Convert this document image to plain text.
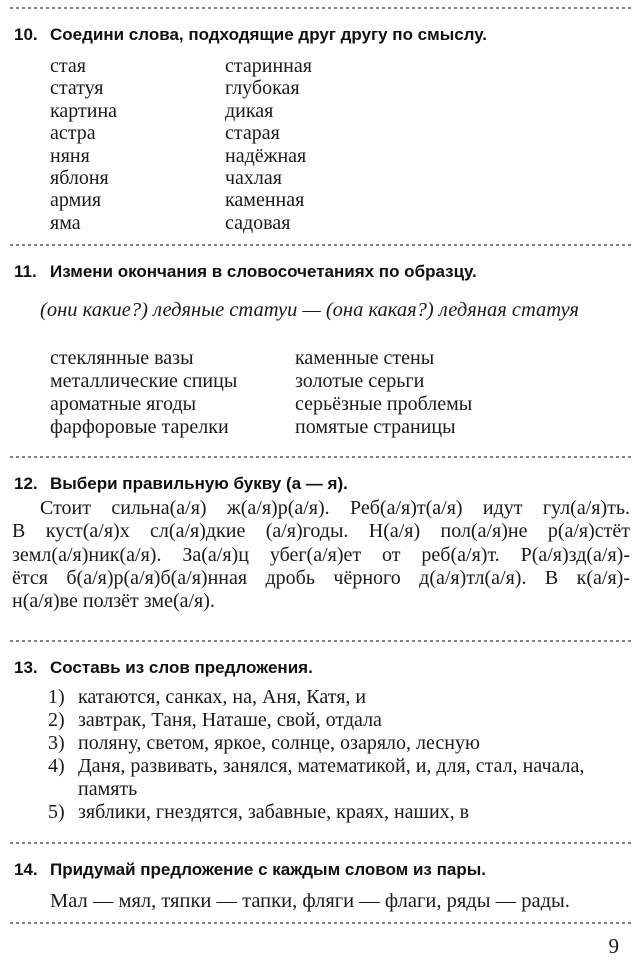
10. Соедини слова, подходящие друг другу по смыслу.
стая	старинная
статуя	глубокая
картина	дикая
астра	старая
няня	надёжная
яблоня	чахлая
армия	каменная
яма	садовая
11. Измени окончания в словосочетаниях по образцу.
(они какие?) ледяные статуи — (она какая?) ледяная статуя
стеклянные вазы	каменные стены
металлические спицы	золотые серьги
ароматные ягоды	серьёзные проблемы
фарфоровые тарелки	помятые страницы
12. Выбери правильную букву (а — я).
Стоит сильна(а/я) ж(а/я)р(а/я). Реб(а/я)т(а/я) идут гул(а/я)ть.
В куст(а/я)х сл(а/я)дкие (а/я)годы. Н(а/я) пол(а/я)не р(а/я)стёт
земл(а/я)ник(а/я). За(а/я)ц убег(а/я)ет от реб(а/я)т. Р(а/я)зд(а/я)-
ётся б(а/я)р(а/я)б(а/я)нная дробь чёрного д(а/я)тл(а/я). В к(а/я)-
н(а/я)ве ползёт зме(а/я).
13. Составь из слов предложения.
1) катаются, санках, на, Аня, Катя, и
2) завтрак, Таня, Наташе, свой, отдала
3) поляну, светом, яркое, солнце, озаряло, лесную
4) Даня, развивать, занялся, математикой, и, для, стал, начала,
память
5) зяблики, гнездятся, забавные, краях, наших, в
14. Придумай предложение с каждым словом из пары.
Мал — мял, тяпки — тапки, фляги — флаги, ряды — рады.
9
